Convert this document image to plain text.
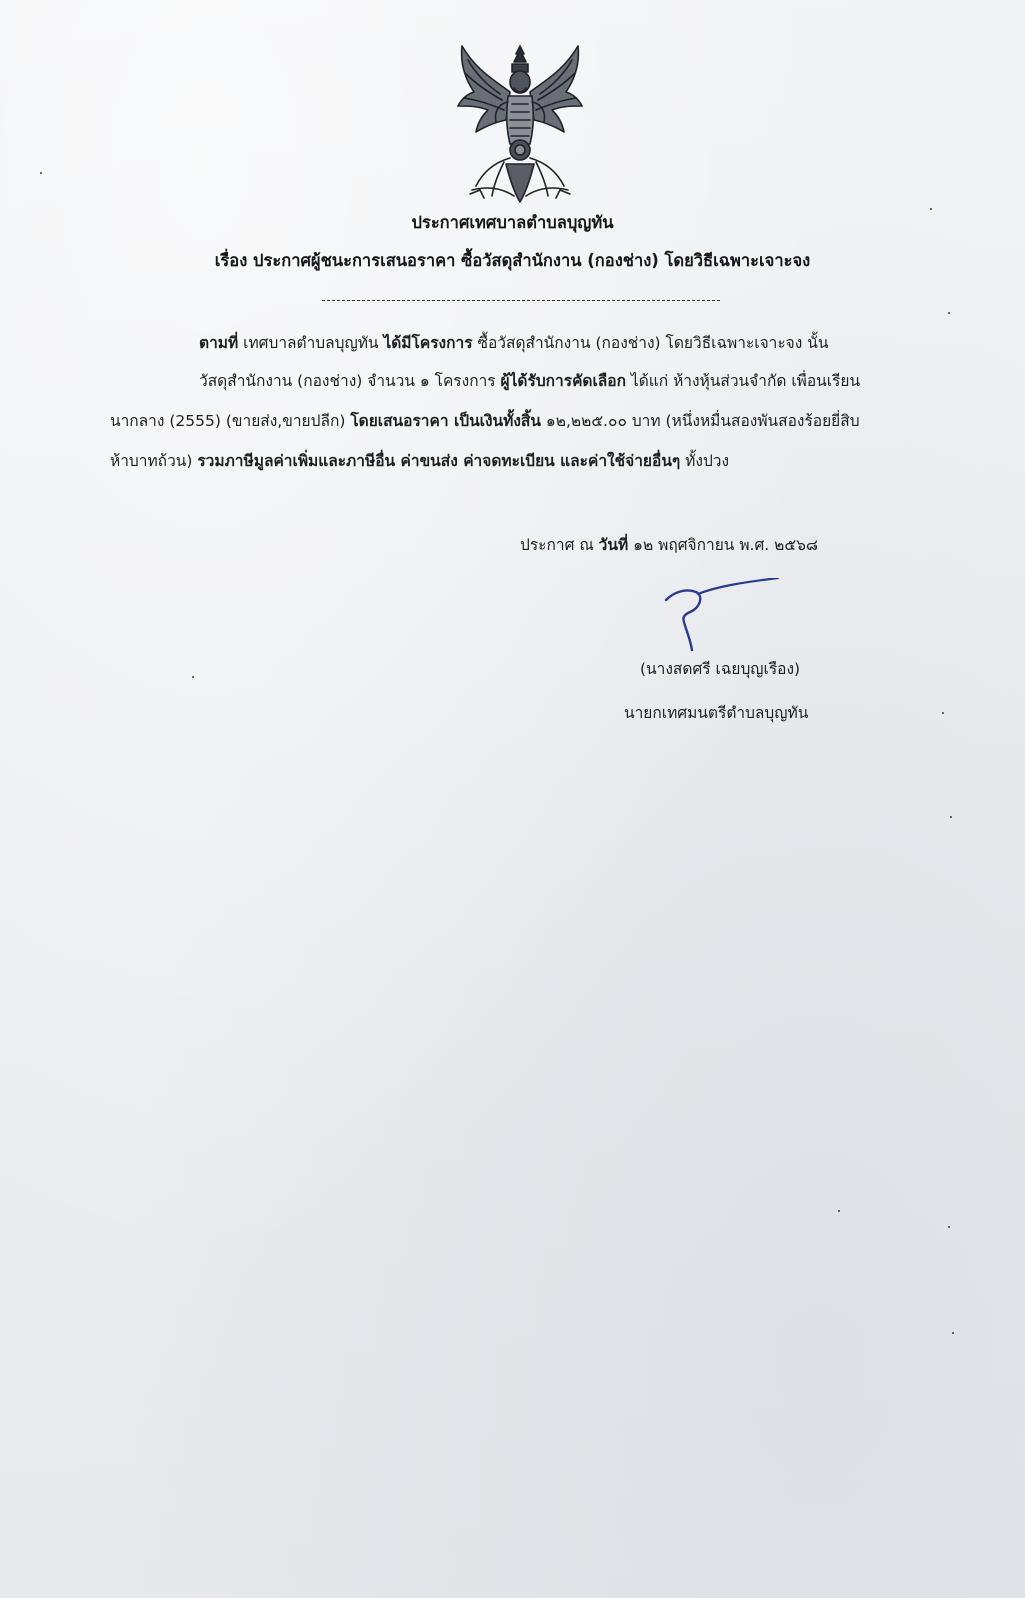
ประกาศเทศบาลตำบลบุญทัน
เรื่อง ประกาศผู้ชนะการเสนอราคา ซื้อวัสดุสำนักงาน (กองช่าง) โดยวิธีเฉพาะเจาะจง
ตามที่ เทศบาลตำบลบุญทัน ได้มีโครงการ ซื้อวัสดุสำนักงาน (กองช่าง) โดยวิธีเฉพาะเจาะจง นั้น
วัสดุสำนักงาน (กองช่าง) จำนวน ๑ โครงการ ผู้ได้รับการคัดเลือก ได้แก่ ห้างหุ้นส่วนจำกัด เพื่อนเรียน
นากลาง (2555) (ขายส่ง,ขายปลีก) โดยเสนอราคา เป็นเงินทั้งสิ้น ๑๒,๒๒๕.๐๐ บาท (หนึ่งหมื่นสองพันสองร้อยยี่สิบ
ห้าบาทถ้วน) รวมภาษีมูลค่าเพิ่มและภาษีอื่น ค่าขนส่ง ค่าจดทะเบียน และค่าใช้จ่ายอื่นๆ ทั้งปวง
ประกาศ ณ วันที่ ๑๒ พฤศจิกายน พ.ศ. ๒๕๖๘
(นางสดศรี เฉยบุญเรือง)
นายกเทศมนตรีตำบลบุญทัน
